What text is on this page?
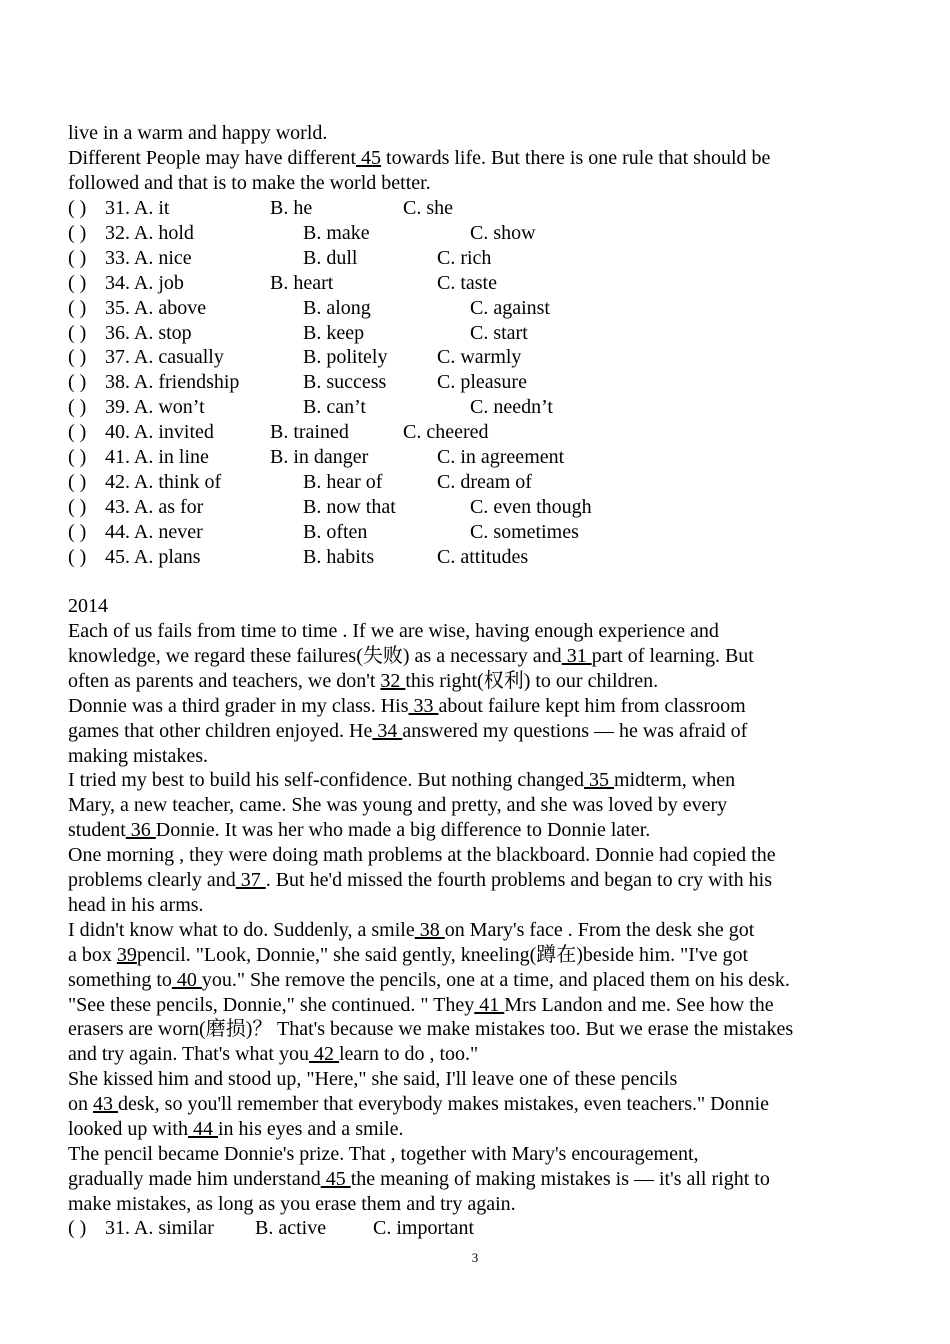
live in a warm and happy world.
Different People may have different 45 towards life. But there is one rule that should be
followed and that is to make the world better.
( ) 31. A. it	B. he	C. she
( ) 32. A. hold	B. make	C. show
( ) 33. A. nice	B. dull	C. rich
( ) 34. A. job	B. heart	C. taste
( ) 35. A. above	B. along	C. against
( ) 36. A. stop	B. keep	C. start
( ) 37. A. casually	B. politely C. warmly
( ) 38. A. friendship	B. success	C. pleasure
( ) 39. A. won’t	B. can’t	C. needn’t
( ) 40. A. invited	B. trained	C. cheered
( ) 41. A. in line	B. in danger	C. in agreement
( ) 42. A. think of	B. hear of	C. dream of
( ) 43. A. as for	B. now that	C. even though
( ) 44. A. never	B. often	C. sometimes
( ) 45. A. plans	B. habits	C. attitudes
2014
Each of us fails from time to time . If we are wise, having enough experience and
knowledge, we regard these failures(失败) as a necessary and 31 part of learning. But
often as parents and teachers, we don't 32 this right(权利) to our children.
Donnie was a third grader in my class. His 33 about failure kept him from classroom
games that other children enjoyed. He 34 answered my questions — he was afraid of
making mistakes.
I tried my best to build his self-confidence. But nothing changed 35 midterm, when
Mary, a new teacher, came. She was young and pretty, and she was loved by every
student 36 Donnie. It was her who made a big difference to Donnie later.
One morning , they were doing math problems at the blackboard. Donnie had copied the
problems clearly and 37 . But he'd missed the fourth problems and began to cry with his
head in his arms.
I didn't know what to do. Suddenly, a smile 38 on Mary's face . From the desk she got
a box 39pencil. "Look, Donnie," she said gently, kneeling(蹲在)beside him. "I've got
something to 40 you." She remove the pencils, one at a time, and placed them on his desk.
"See these pencils, Donnie," she continued. " They 41 Mrs Landon and me. See how the
erasers are worn(磨损)？ That's because we make mistakes too. But we erase the mistakes
and try again. That's what you 42 learn to do , too."
She kissed him and stood up, "Here," she said, I'll leave one of these pencils
on 43 desk, so you'll remember that everybody makes mistakes, even teachers." Donnie
looked up with 44 in his eyes and a smile.
The pencil became Donnie's prize. That , together with Mary's encouragement,
gradually made him understand 45 the meaning of making mistakes is — it's all right to
make mistakes, as long as you erase them and try again.
( ) 31. A. similar B. active C. important
3
